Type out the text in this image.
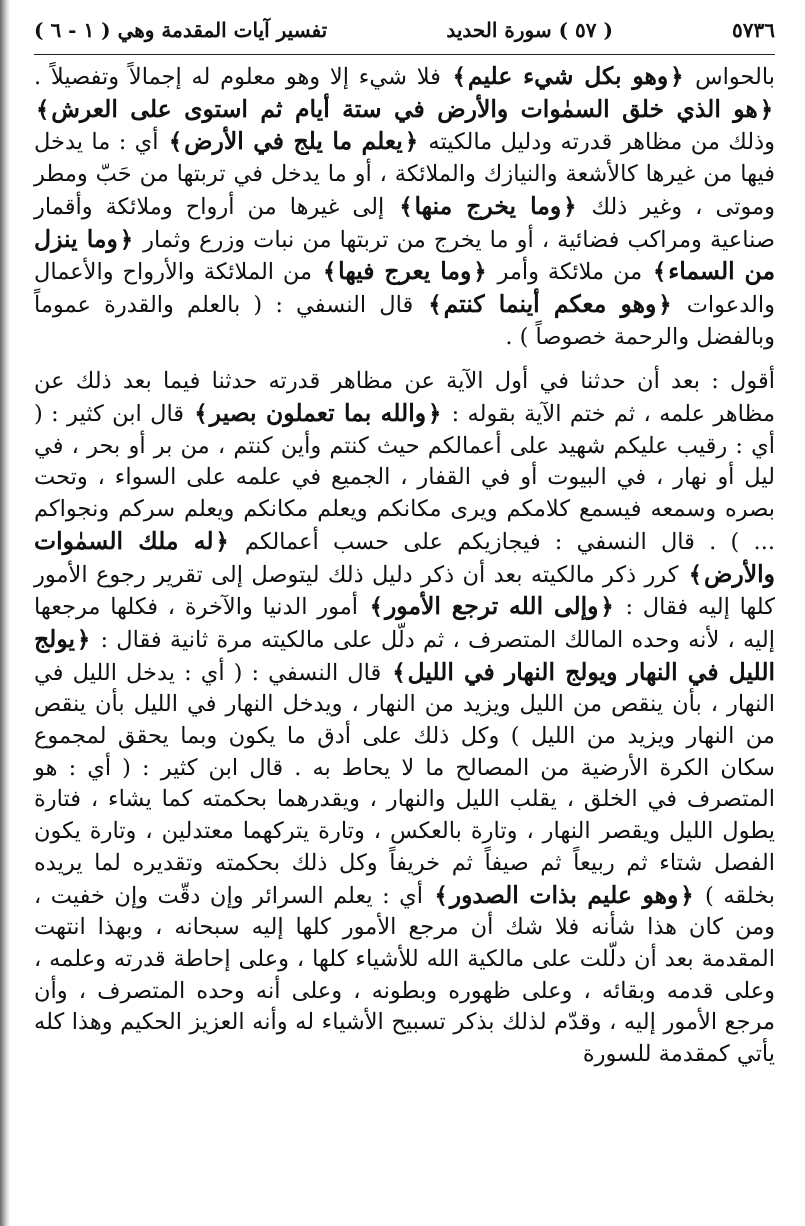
٥٧٣٦
( ٥٧ ) سورة الحديد
تفسير آيات المقدمة وهي ( ١ - ٦ )

بالحواس ﴿وهو بكل شيء عليم﴾ فلا شيء إلا وهو معلوم له إجمالاً وتفصيلاً . ﴿هو الذي خلق السمٰوات والأرض في ستة أيام ثم استوى على العرش﴾ وذلك من مظاهر قدرته ودليل مالكيته ﴿يعلم ما يلج في الأرض﴾ أي : ما يدخل فيها من غيرها كالأشعة والنيازك والملائكة ، أو ما يدخل في تربتها من حَبّ ومطر وموتى ، وغير ذلك ﴿وما يخرج منها﴾ إلى غيرها من أرواح وملائكة وأقمار صناعية ومراكب فضائية ، أو ما يخرج من تربتها من نبات وزرع وثمار ﴿وما ينزل من السماء﴾ من ملائكة وأمر ﴿وما يعرج فيها﴾ من الملائكة والأرواح والأعمال والدعوات ﴿وهو معكم أينما كنتم﴾ قال النسفي : ( بالعلم والقدرة عموماً وبالفضل والرحمة خصوصاً ) .

أقول : بعد أن حدثنا في أول الآية عن مظاهر قدرته حدثنا فيما بعد ذلك عن مظاهر علمه ، ثم ختم الآية بقوله : ﴿والله بما تعملون بصير﴾ قال ابن كثير : ( أي : رقيب عليكم شهيد على أعمالكم حيث كنتم وأين كنتم ، من بر أو بحر ، في ليل أو نهار ، في البيوت أو في القفار ، الجميع في علمه على السواء ، وتحت بصره وسمعه فيسمع كلامكم ويرى مكانكم ويعلم مكانكم ويعلم سركم ونجواكم ... ) . قال النسفي : فيجازيكم على حسب أعمالكم ﴿له ملك السمٰوات والأرض﴾ كرر ذكر مالكيته بعد أن ذكر دليل ذلك ليتوصل إلى تقرير رجوع الأمور كلها إليه فقال : ﴿وإلى الله ترجع الأمور﴾ أمور الدنيا والآخرة ، فكلها مرجعها إليه ، لأنه وحده المالك المتصرف ، ثم دلّل على مالكيته مرة ثانية فقال : ﴿يولج الليل في النهار ويولج النهار في الليل﴾ قال النسفي : ( أي : يدخل الليل في النهار ، بأن ينقص من الليل ويزيد من النهار ، ويدخل النهار في الليل بأن ينقص من النهار ويزيد من الليل ) وكل ذلك على أدق ما يكون وبما يحقق لمجموع سكان الكرة الأرضية من المصالح ما لا يحاط به . قال ابن كثير : ( أي : هو المتصرف في الخلق ، يقلب الليل والنهار ، ويقدرهما بحكمته كما يشاء ، فتارة يطول الليل ويقصر النهار ، وتارة بالعكس ، وتارة يتركهما معتدلين ، وتارة يكون الفصل شتاء ثم ربيعاً ثم صيفاً ثم خريفاً وكل ذلك بحكمته وتقديره لما يريده بخلقه ) ﴿وهو عليم بذات الصدور﴾ أي : يعلم السرائر وإن دقّت وإن خفيت ، ومن كان هذا شأنه فلا شك أن مرجع الأمور كلها إليه سبحانه ، وبهذا انتهت المقدمة بعد أن دلّلت على مالكية الله للأشياء كلها ، وعلى إحاطة قدرته وعلمه ، وعلى قدمه وبقائه ، وعلى ظهوره وبطونه ، وعلى أنه وحده المتصرف ، وأن مرجع الأمور إليه ، وقدّم لذلك بذكر تسبيح الأشياء له وأنه العزيز الحكيم وهذا كله يأتي كمقدمة للسورة
